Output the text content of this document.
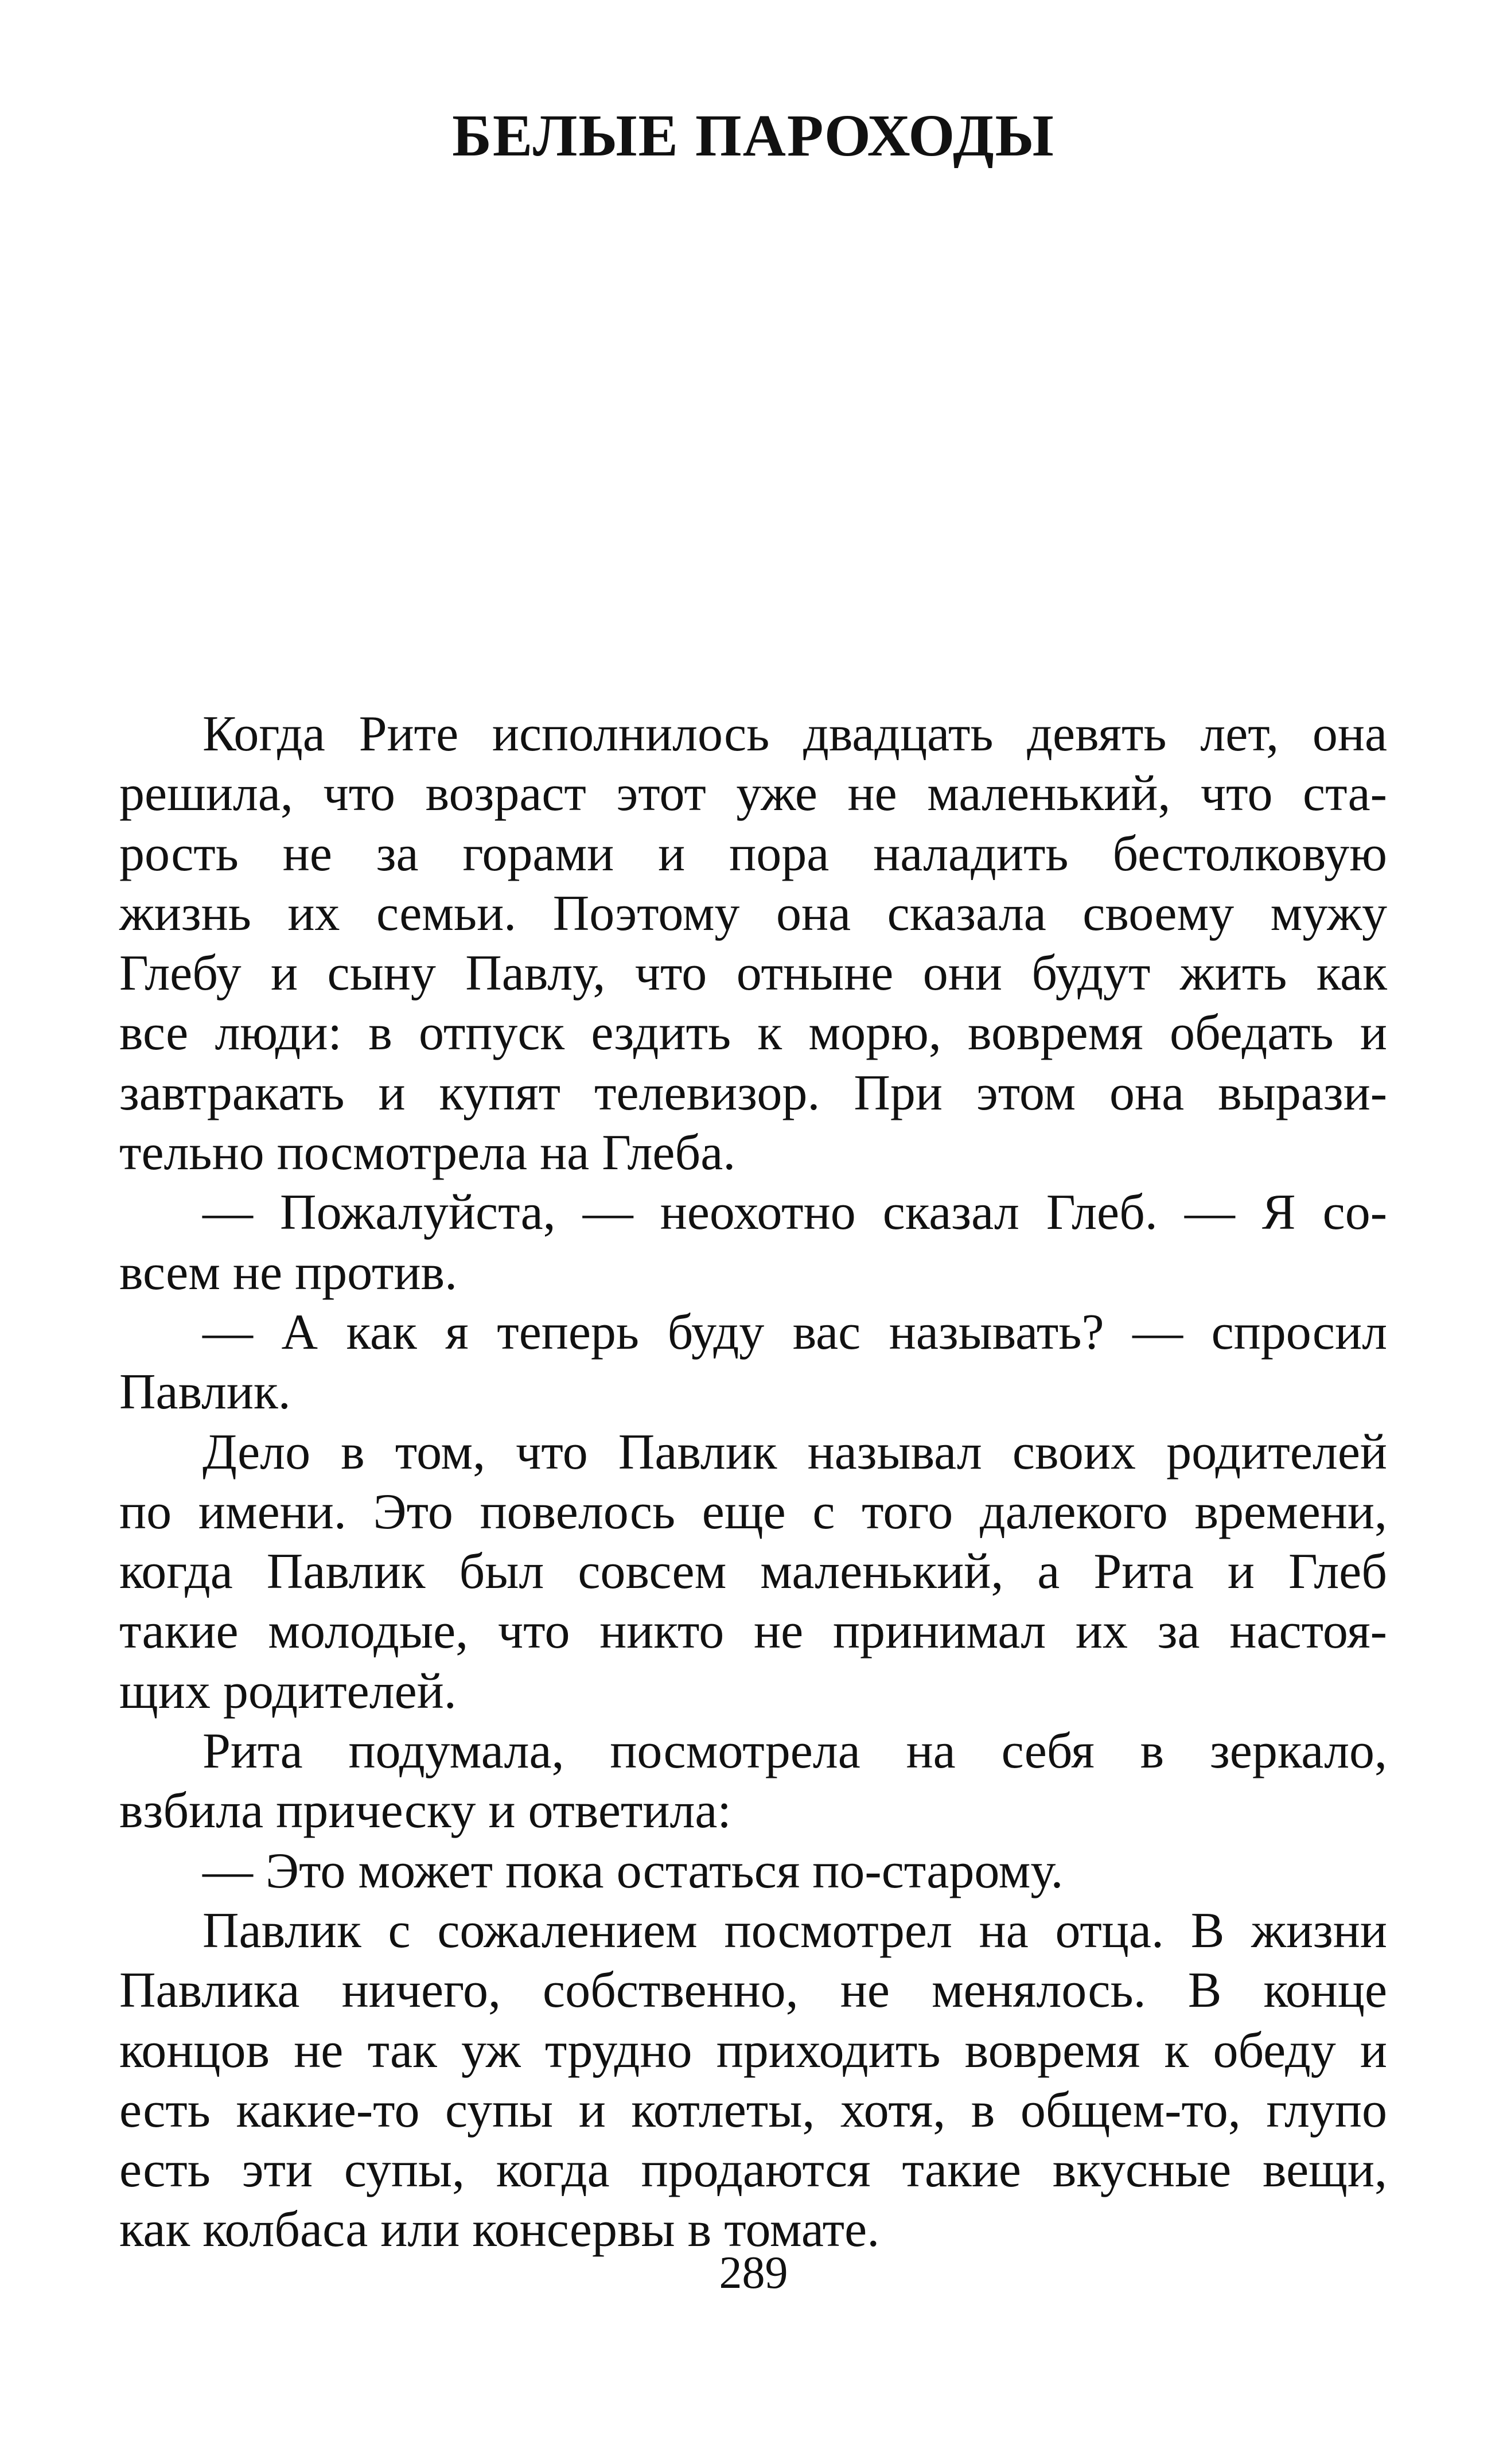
БЕЛЫЕ ПАРОХОДЫ
Когда Рите исполнилось двадцать девять лет, она
решила, что возраст этот уже не маленький, что ста-
рость не за горами и пора наладить бестолковую
жизнь их семьи. Поэтому она сказала своему мужу
Глебу и сыну Павлу, что отныне они будут жить как
все люди: в отпуск ездить к морю, вовремя обедать и
завтракать и купят телевизор. При этом она вырази-
тельно посмотрела на Глеба.
— Пожалуйста, — неохотно сказал Глеб. — Я со-
всем не против.
— А как я теперь буду вас называть? — спросил
Павлик.
Дело в том, что Павлик называл своих родителей
по имени. Это повелось еще с того далекого времени,
когда Павлик был совсем маленький, а Рита и Глеб
такие молодые, что никто не принимал их за настоя-
щих родителей.
Рита подумала, посмотрела на себя в зеркало,
взбила прическу и ответила:
— Это может пока остаться по-старому.
Павлик с сожалением посмотрел на отца. В жизни
Павлика ничего, собственно, не менялось. В конце
концов не так уж трудно приходить вовремя к обеду и
есть какие-то супы и котлеты, хотя, в общем-то, глупо
есть эти супы, когда продаются такие вкусные вещи,
как колбаса или консервы в томате.
289
